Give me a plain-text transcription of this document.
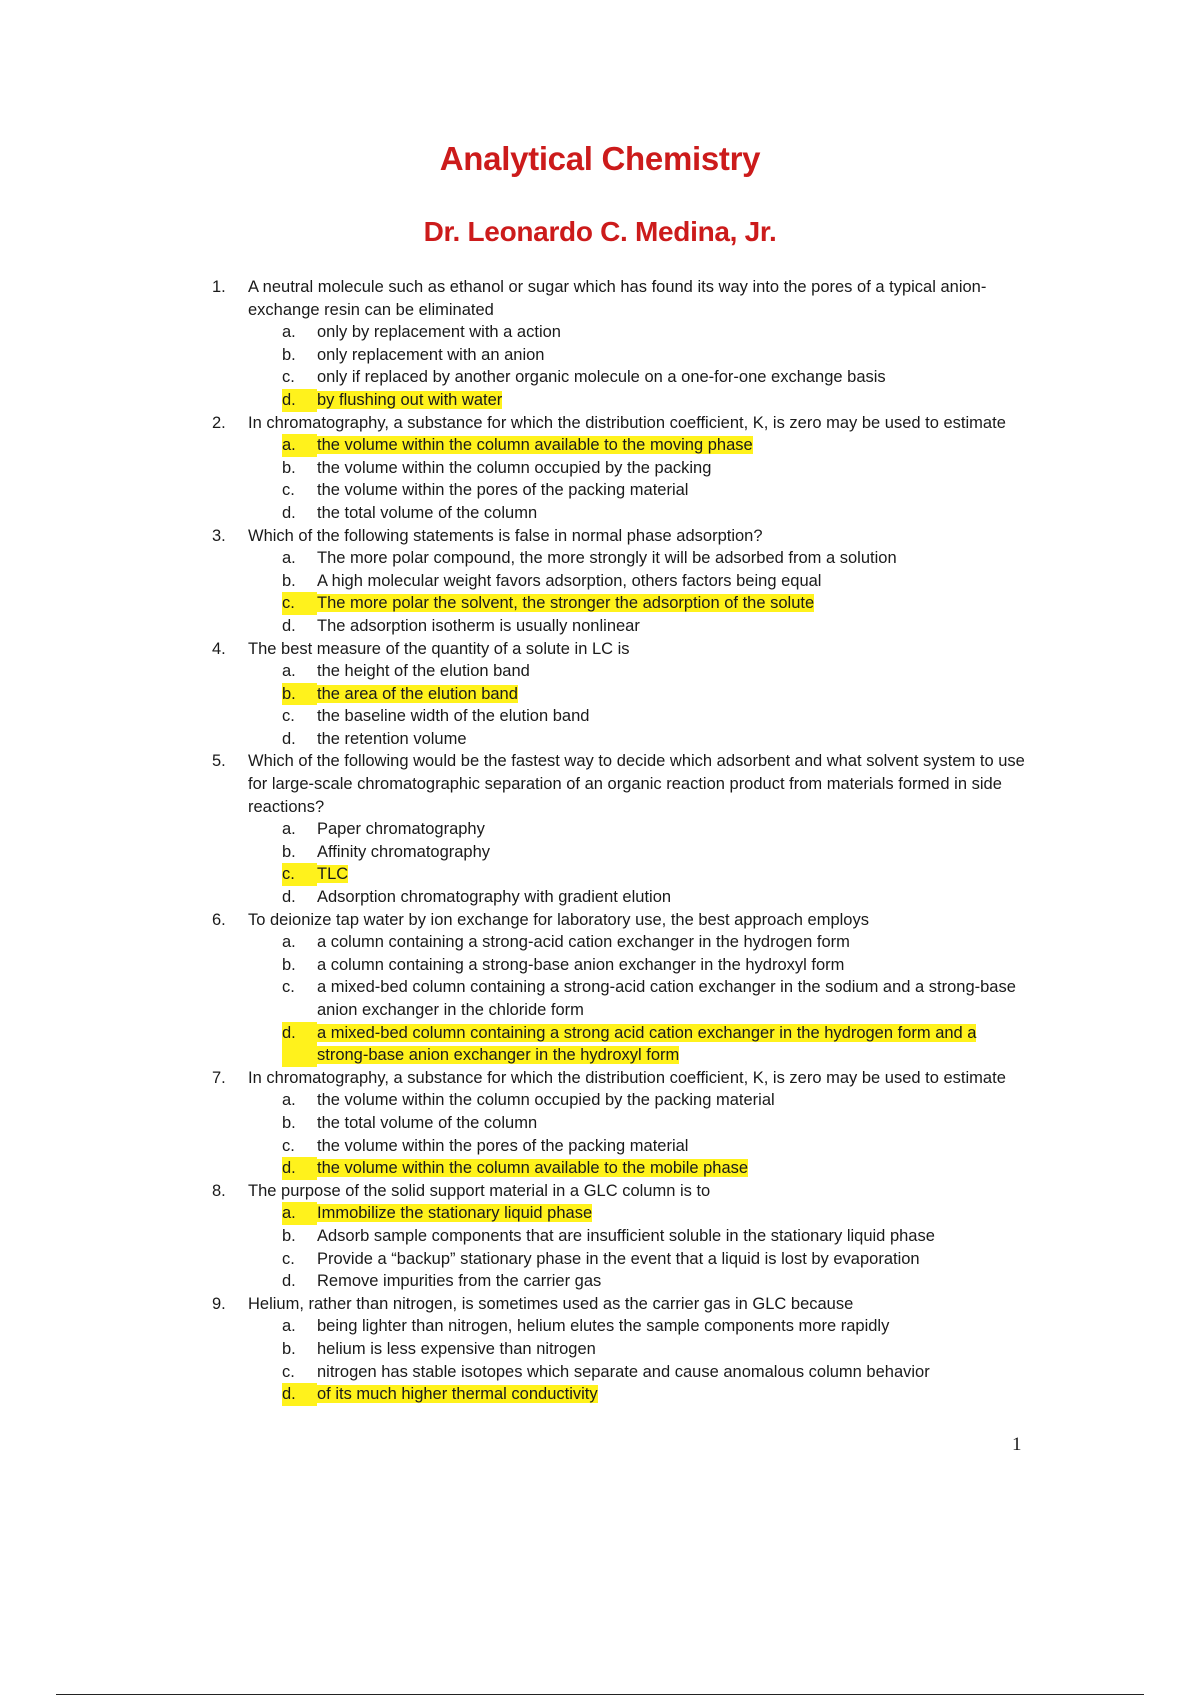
Analytical Chemistry
Dr. Leonardo C. Medina, Jr.
1.	A neutral molecule such as ethanol or sugar which has found its way into the pores of a typical anion-exchange resin can be eliminated
a.	only by replacement with a action
b.	only replacement with an anion
c.	only if replaced by another organic molecule on a one-for-one exchange basis
d.	by flushing out with water
2.	In chromatography, a substance for which the distribution coefficient, K, is zero may be used to estimate
a.	the volume within the column available to the moving phase
b.	the volume within the column occupied by the packing
c.	the volume within the pores of the packing material
d.	the total volume of the column
3.	Which of the following statements is false in normal phase adsorption?
a.	The more polar compound, the more strongly it will be adsorbed from a solution
b.	A high molecular weight favors adsorption, others factors being equal
c.	The more polar the solvent, the stronger the adsorption of the solute
d.	The adsorption isotherm is usually nonlinear
4.	The best measure of the quantity of a solute in LC is
a.	the height of the elution band
b.	the area of the elution band
c.	the baseline width of the elution band
d.	the retention volume
5.	Which of the following would be the fastest way to decide which adsorbent and what solvent system to use for large-scale chromatographic separation of an organic reaction product from materials formed in side reactions?
a.	Paper chromatography
b.	Affinity chromatography
c.	TLC
d.	Adsorption chromatography with gradient elution
6.	To deionize tap water by ion exchange for laboratory use, the best approach employs
a.	a column containing a strong-acid cation exchanger in the hydrogen form
b.	a column containing a strong-base anion exchanger in the hydroxyl form
c.	a mixed-bed column containing a strong-acid cation exchanger in the sodium and a strong-base anion exchanger in the chloride form
d.	a mixed-bed column containing a strong acid cation exchanger in the hydrogen form and a strong-base anion exchanger in the hydroxyl form
7.	In chromatography, a substance for which the distribution coefficient, K, is zero may be used to estimate
a.	the volume within the column occupied by the packing material
b.	the total volume of the column
c.	the volume within the pores of the packing material
d.	the volume within the column available to the mobile phase
8.	The purpose of the solid support material in a GLC column is to
a.	Immobilize the stationary liquid phase
b.	Adsorb sample components that are insufficient soluble in the stationary liquid phase
c.	Provide a “backup” stationary phase in the event that a liquid is lost by evaporation
d.	Remove impurities from the carrier gas
9.	Helium, rather than nitrogen, is sometimes used as the carrier gas in GLC because
a.	being lighter than nitrogen, helium elutes the sample components more rapidly
b.	helium is less expensive than nitrogen
c.	nitrogen has stable isotopes which separate and cause anomalous column behavior
d.	of its much higher thermal conductivity
1
